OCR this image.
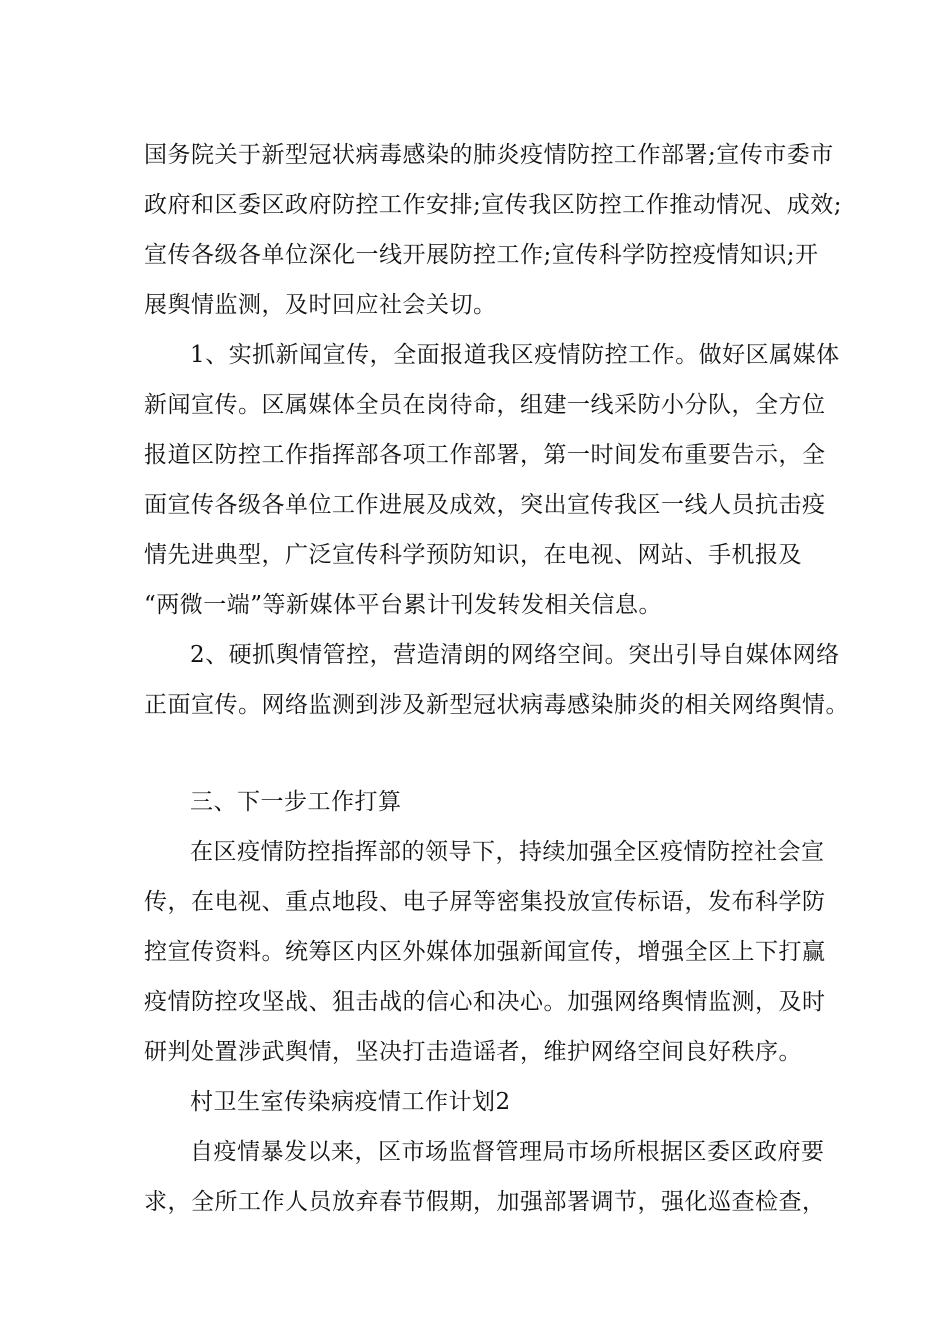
国务院关于新型冠状病毒感染的肺炎疫情防控工作部署;宣传市委市
政府和区委区政府防控工作安排;宣传我区防控工作推动情况、成效;
宣传各级各单位深化一线开展防控工作;宣传科学防控疫情知识;开
展舆情监测，及时回应社会关切。
1、实抓新闻宣传，全面报道我区疫情防控工作。做好区属媒体
新闻宣传。区属媒体全员在岗待命，组建一线采防小分队，全方位
报道区防控工作指挥部各项工作部署，第一时间发布重要告示，全
面宣传各级各单位工作进展及成效，突出宣传我区一线人员抗击疫
情先进典型，广泛宣传科学预防知识，在电视、网站、手机报及
“两微一端”等新媒体平台累计刊发转发相关信息。
2、硬抓舆情管控，营造清朗的网络空间。突出引导自媒体网络
正面宣传。网络监测到涉及新型冠状病毒感染肺炎的相关网络舆情。
三、下一步工作打算
在区疫情防控指挥部的领导下，持续加强全区疫情防控社会宣
传，在电视、重点地段、电子屏等密集投放宣传标语，发布科学防
控宣传资料。统筹区内区外媒体加强新闻宣传，增强全区上下打赢
疫情防控攻坚战、狙击战的信心和决心。加强网络舆情监测，及时
研判处置涉武舆情，坚决打击造谣者，维护网络空间良好秩序。
村卫生室传染病疫情工作计划2
自疫情暴发以来，区市场监督管理局市场所根据区委区政府要
求，全所工作人员放弃春节假期，加强部署调节，强化巡查检查，
